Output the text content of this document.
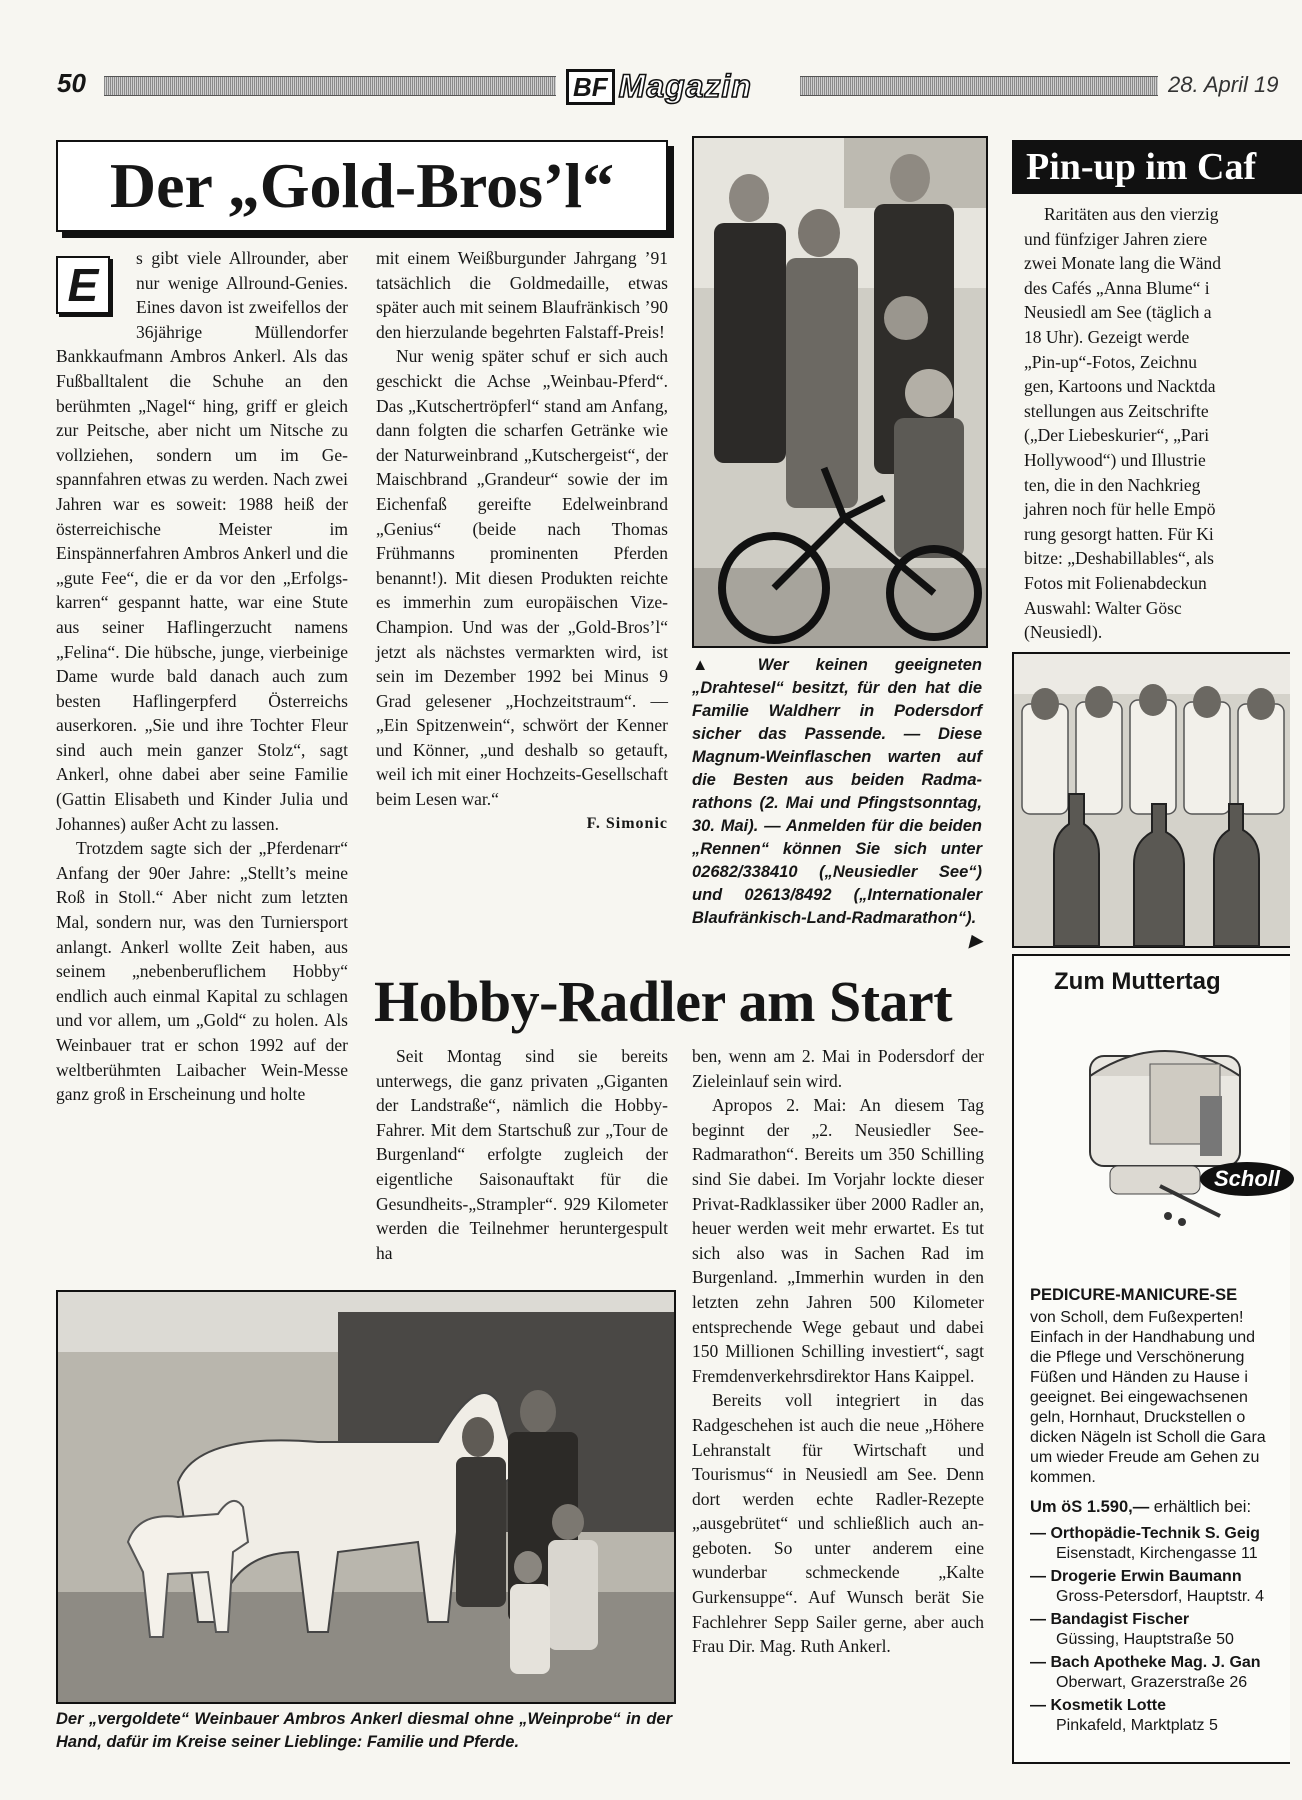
50	BF Magazin	28. April 19
Der „Gold-Bros’l“
E

s gibt viele Allrounder, aber nur wenige Allround-Genies. Eines davon ist zweifellos der 36jährige Müllendorfer Bankkaufmann Ambros Ankerl. Als das Fußballtalent die Schuhe an den berühmten „Nagel“ hing, griff er gleich zur Peitsche, aber nicht um Nitsche zu vollziehen, sondern um im Gespannfahren etwas zu werden. Nach zwei Jahren war es soweit: 1988 heiß der österreichische Meister im Einspännerfahren Ambros Ankerl und die „gute Fee“, die er da vor den „Erfolgskarren“ gespannt hatte, war eine Stute aus seiner Haflingerzucht namens „Felina“. Die hübsche, junge, vierbeinige Dame wurde bald danach auch zum besten Haflingerpferd Österreichs auserkoren. „Sie und ihre Tochter Fleur sind auch mein ganzer Stolz“, sagt Ankerl, ohne dabei aber seine Familie (Gattin Elisabeth und Kinder Julia und Johannes) außer Acht zu lassen.

Trotzdem sagte sich der „Pferdenarr“ Anfang der 90er Jahre: „Stellt’s meine Roß in Stoll.“ Aber nicht zum letzten Mal, sondern nur, was den Turniersport anlangt. Ankerl wollte Zeit haben, aus seinem „nebenberuflichem Hobby“ endlich auch einmal Kapital zu schlagen und vor allem, um „Gold“ zu holen. Als Weinbauer trat er schon 1992 auf der weltberühmten Laibacher Wein-Messe ganz groß in Erscheinung und holte

mit einem Weißburgunder Jahrgang ’91 tatsächlich die Goldmedaille, etwas später auch mit seinem Blaufränkisch ’90 den hierzulande begehrten Falstaff-Preis!

Nur wenig später schuf er sich auch geschickt die Achse „Weinbau-Pferd“. Das „Kutschertröpferl“ stand am Anfang, dann folgten die scharfen Getränke wie der Naturweinbrand „Kutschergeist“, der Maischbrand „Grandeur“ sowie der im Eichenfaß gereifte Edelweinbrand „Genius“ (beide nach Thomas Frühmanns prominenten Pferden benannt!). Mit diesen Produkten reichte es immerhin zum europäischen Vize-Champion. Und was der „Gold-Bros’l“ jetzt als nächstes vermarkten wird, ist sein im Dezember 1992 bei Minus 9 Grad gelesener „Hochzeitstraum“. — „Ein Spitzenwein“, schwört der Kenner und Könner, „und deshalb so getauft, weil ich mit einer Hochzeits-Gesellschaft beim Lesen war.“

F. Simonic

▲ Wer keinen geeigneten „Drahtesel“ besitzt, für den hat die Familie Waldherr in Podersdorf sicher das Passende. — Diese Magnum-Weinflaschen warten auf die Besten aus beiden Radmarathons (2. Mai und Pfingstsonntag, 30. Mai). — Anmelden für die beiden „Rennen“ können Sie sich unter 02682/338410 („Neusiedler See“) und 02613/8492 („Internationaler Blaufränkisch-Land-Radmarathon“).
▶
Hobby-Radler am Start

Seit Montag sind sie bereits unterwegs, die ganz privaten „Giganten der Landstraße“, nämlich die Hobby-Fahrer. Mit dem Startschuß zur „Tour de Burgenland“ erfolgte zugleich der eigentliche Saisonauftakt für die Gesundheits-„Strampler“. 929 Kilometer werden die Teilnehmer heruntergespult ha

ben, wenn am 2. Mai in Podersdorf der Zieleinlauf sein wird.

Apropos 2. Mai: An diesem Tag beginnt der „2. Neusiedler See-Radmarathon“. Bereits um 350 Schilling sind Sie dabei. Im Vorjahr lockte dieser Privat-Radklassiker über 2000 Radler an, heuer werden weit mehr erwartet. Es tut sich also was in Sachen Rad im Burgenland. „Immerhin wurden in den letzten zehn Jahren 500 Kilometer entsprechende Wege gebaut und dabei 150 Millionen Schilling investiert“, sagt Fremdenverkehrsdirektor Hans Kaippel.

Bereits voll integriert in das Radgeschehen ist auch die neue „Höhere Lehranstalt für Wirtschaft und Tourismus“ in Neusiedl am See. Denn dort werden echte Radler-Rezepte „ausgebrütet“ und schließlich auch angeboten. So unter anderem eine wunderbar schmeckende „Kalte Gurkensuppe“. Auf Wunsch berät Sie Fachlehrer Sepp Sailer gerne, aber auch Frau Dir. Mag. Ruth Ankerl.

Der „vergoldete“ Weinbauer Ambros Ankerl diesmal ohne „Weinprobe“ in der Hand, dafür im Kreise seiner Lieblinge: Familie und Pferde.
Pin-up im Caf
Raritäten aus den vierzig
und fünfziger Jahren ziere
zwei Monate lang die Wänd
des Cafés „Anna Blume“ i
Neusiedl am See (täglich a
18 Uhr). Gezeigt werde
„Pin-up“-Fotos, Zeichnu
gen, Kartoons und Nacktda
stellungen aus Zeitschrifte
(„Der Liebeskurier“, „Pari
Hollywood“) und Illustrie
ten, die in den Nachkrieg
jahren noch für helle Empö
rung gesorgt hatten. Für Ki
bitze: „Deshabillables“, als
Fotos mit Folienabdeckun
Auswahl: Walter Gösc
(Neusiedl).
Zum Muttertag
Scholl
PEDICURE-MANICURE-SE
von Scholl, dem Fußexperten!
Einfach in der Handhabung und
die Pflege und Verschönerung
Füßen und Händen zu Hause i
geeignet. Bei eingewachsenen
geln, Hornhaut, Druckstellen o
dicken Nägeln ist Scholl die Gara
um wieder Freude am Gehen zu
kommen.
Um öS 1.590,— erhältlich bei:
— Orthopädie-Technik S. Geig
Eisenstadt, Kirchengasse 11
— Drogerie Erwin Baumann
Gross-Petersdorf, Hauptstr. 4
— Bandagist Fischer
Güssing, Hauptstraße 50
— Bach Apotheke Mag. J. Gan
Oberwart, Grazerstraße 26
— Kosmetik Lotte
Pinkafeld, Marktplatz 5
